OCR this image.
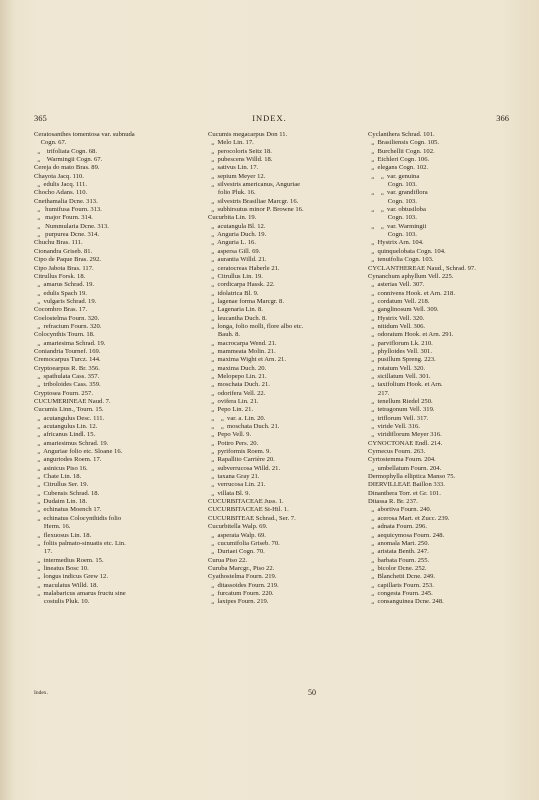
365	INDEX.	366
Ceratosanthes tomentosa var. subnuda
Cogn. 67.
„    trifoliata Cogn. 68.
„    Warmingii Cogn. 67.
Cereja do mato Bras. 89.
Chayota Jacq. 110.
„  edulis Jacq. 111.
Chocho Adans. 110.
Cnethamalia Dcne. 313.
„   humifusa Fourn. 313.
„   major Fourn. 314.
„   Nummularia Dcne. 313.
„   purpurea Dcne. 314.
Chuchu Bras. 111.
Cionandra Griseb. 81.
Cipo de Paque Bras. 292.
Cipo Jabota Bras. 117.
Citrullus Forsk. 18.
„  amarus Schrad. 19.
„  edulis Spach 19.
„  vulgaris Schrad. 19.
Cocombro Bras. 17.
Coelostelma Fourn. 320.
„  refractum Fourn. 320.
Colocynthis Tourn. 18.
„  amariesima Schrad. 19.
Coniandria Tournef. 169.
Cremocarpus Turcz. 144.
Cryptoearpus R. Br. 356.
„  spathulata Cass. 357.
„  triboloides Cass. 359.
Cryptosea Fourn. 257.
CUCUMERINEAE Naud. 7.
Cucumis Linn., Tourn. 15.
„  acutangulus Desc. 111.
„  acutangulus Lin. 12.
„  africanus Lindl. 15.
„  amariesimus Schrad. 19.
„  Anguriae folio etc. Sloane 16.
„  anguriodes Roem. 17.
„  asinicus Piso 16.
„  Chate Lin. 18.
„  Citrullus Ser. 19.
„  Cubensis Schrad. 18.
„  Dudaim Lin. 18.
„  echinatus Moench 17.
„  echinatus Colocynthidis folio
Herm. 16.
„  flexuosus Lin. 18.
„  foliis palmato-sinuatis etc. Lin.
17.
„  intermedius Roem. 15.
„  lineatus Bosc 10.
„  longus indicus Grew 12.
„  maculatus Willd. 18.
„  malabaricus amarus fructu sine
costulis Pluk. 10.
Cucumis megacarpus Don 11.
„  Melo Lin. 17.
„  perocoloris Seitz 18.
„  pubescens Willd. 18.
„  sativus Lin. 17.
„  sepium Meyer 12.
„  silvestris americanus, Anguriae
folio Pluk. 16.
„  silvestris Brasiliae Marcgr. 16.
„  subhirsutus minor P. Browne 16.
Cucurbita Lin. 19.
„  acutangula Bl. 12.
„  Anguria Duch. 19.
„  Anguria L. 16.
„  aspersa Gill. 69.
„  aurantia Willd. 21.
„  ceratocreas Haberle 21.
„  Citrullus Lin. 19.
„  cordicarpa Hassk. 22.
„  idolatrica Bl. 9.
„  lagenae forma Marcgr. 8.
„  Lagenaria Lin. 8.
„  leucantha Duch. 8.
„  longa, folio molli, flore albo etc.
Bauh. 8.
„  macrocarpa Wend. 21.
„  mammeata Molin. 21.
„  maxima Wight et Arn. 21.
„  maxima Duch. 20.
„  Melopepo Lin. 21.
„  moschata Duch. 21.
„  odorifera Vell. 22.
„  ovifera Lin. 21.
„  Pepo Lin. 21.
„    „  var. a. Lin. 20.
„    „  moschata Duch. 21.
„  Pepo Vell. 9.
„  Potiro Pers. 20.
„  pyriformis Roem. 9.
„  Rapallito Carrière 20.
„  subverrucosa Willd. 21.
„  taxana Gray 21.
„  verrucosa Lin. 21.
„  villata Bl. 9.
CUCURBITACEAE Juss. 1.
CUCURBITACEAE St-Hil. 1.
CUCURBITEAE Schrad., Ser. 7.
Cucurbitella Walp. 69.
„  asperata Walp. 69.
„  cucumifolia Griseb. 70.
„  Duriaei Cogn. 70.
Curua Piso 22.
Curuba Marcgr., Piso 22.
Cyathostelma Fourn. 219.
„  ditassoides Fourn. 219.
„  furcatum Fourn. 220.
„  laxipes Fourn. 219.
Cyclanthera Schrad. 101.
„  Brasiliensis Cogn. 105.
„  Burchellii Cogn. 102.
„  Eichleri Cogn. 106.
„  elegans Cogn. 102.
„    „  var. genuina
Cogn. 103.
„    „  var. grandiflora
Cogn. 103.
„    „  var. obtusiloba
Cogn. 103.
„    „  var. Warmingii
Cogn. 103.
„  Hystrix Arn. 104.
„  quinquelobata Cogn. 104.
„  tenuifolia Cogn. 103.
CYCLANTHEREAE Naud., Schrad. 97.
Cynanchum aphyllum Vell. 225.
„  asterias Vell. 307.
„  connivens Hook. et Arn. 218.
„  cordatum Vell. 218.
„  ganglinosum Vell. 309.
„  Hystrix Vell. 320.
„  nitidum Vell. 306.
„  odoratum Hook. et Arn. 291.
„  parviflorum Lk. 210.
„  phylloides Vell. 301.
„  pusillum Spreng. 223.
„  rotatum Vell. 320.
„  sicillatum Vell. 301.
„  taxifolium Hook. et Arn.
217.
„  tenellum Riedel 250.
„  tetragonum Vell. 319.
„  triflorum Vell. 317.
„  viride Vell. 316.
„  viridiflorum Meyer 316.
CYNOCTONAE Endl. 214.
Cyrnecus Fourn. 263.
Cyrtostemma Fourn. 204.
„  umbellatum Fourn. 204.
Dermophylla elliptica Manso 75.
DIERVILLEAE Baillon 333.
Dinanthera Torr. et Gr. 101.
Ditassa R. Br. 237.
„  abortiva Fourn. 240.
„  acerosa Mart. et Zucc. 239.
„  adnata Fourn. 296.
„  aequicymosa Fourn. 248.
„  anomala Mart. 250.
„  aristata Benth. 247.
„  barbata Fourn. 255.
„  bicolor Dcne. 252.
„  Blanchetii Dcne. 249.
„  capillaris Fourn. 253.
„  congesta Fourn. 245.
„  consanguinea Dcne. 248.
Index.	50
